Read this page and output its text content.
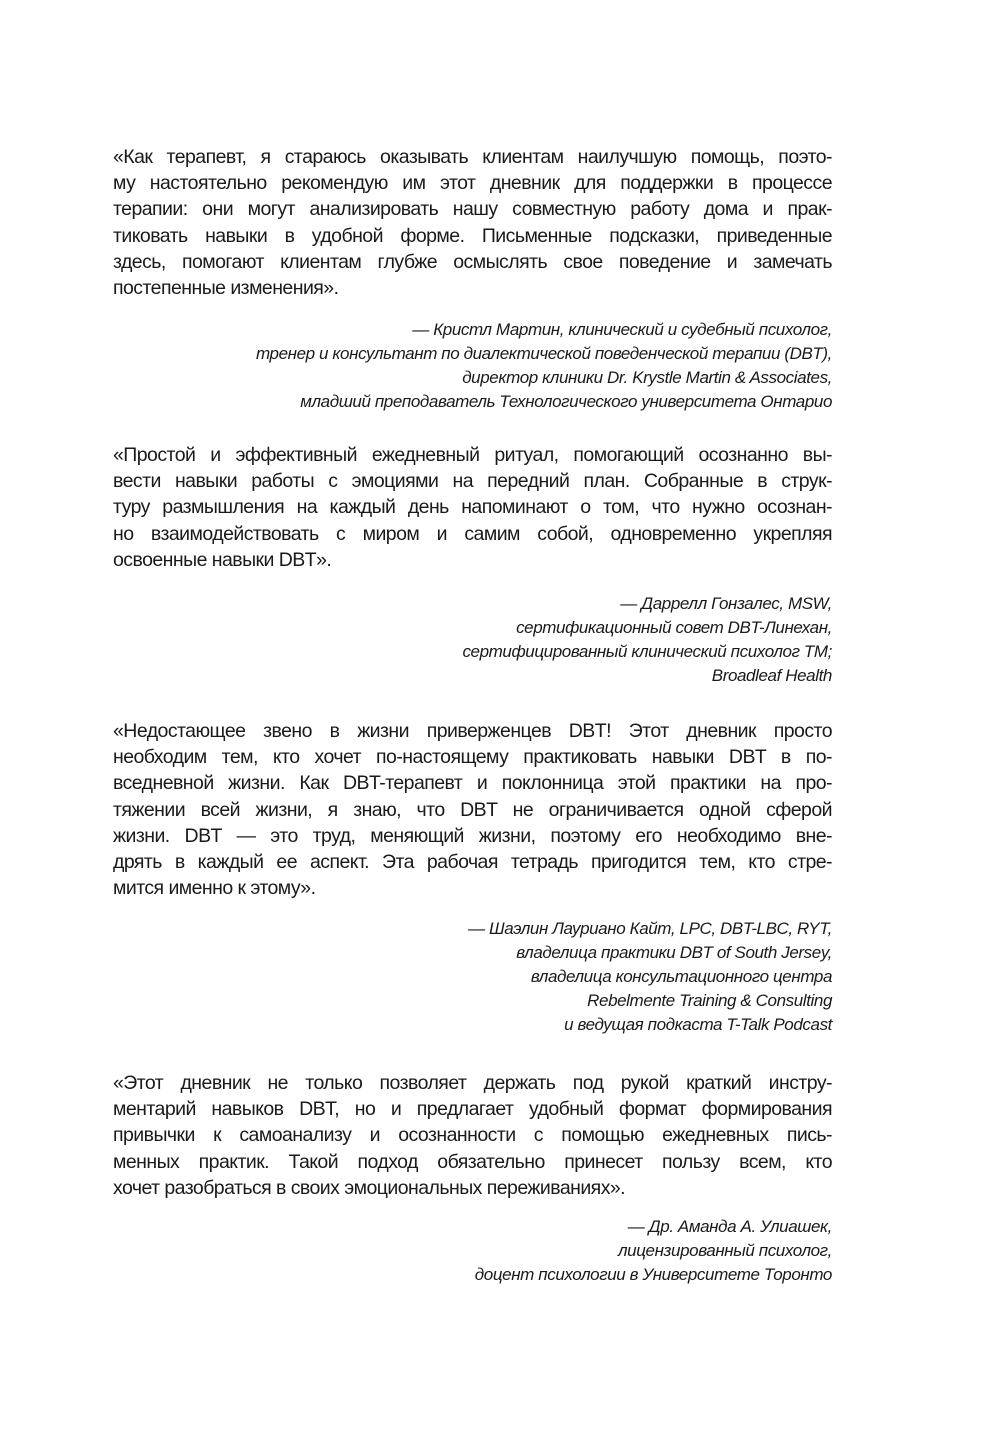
«Как терапевт, я стараюсь оказывать клиентам наилучшую помощь, поэто-
му настоятельно рекомендую им этот дневник для поддержки в процессе
терапии: они могут анализировать нашу совместную работу дома и прак-
тиковать навыки в удобной форме. Письменные подсказки, приведенные
здесь, помогают клиентам глубже осмыслять свое поведение и замечать
постепенные изменения».
— Кристл Мартин, клинический и судебный психолог,
тренер и консультант по диалектической поведенческой терапии (DBT),
директор клиники Dr. Krystle Martin & Associates,
младший преподаватель Технологического университета Онтарио
«Простой и эффективный ежедневный ритуал, помогающий осознанно вы-
вести навыки работы с эмоциями на передний план. Собранные в струк-
туру размышления на каждый день напоминают о том, что нужно осознан-
но взаимодействовать с миром и самим собой, одновременно укрепляя
освоенные навыки DBT».
— Даррелл Гонзалес, MSW,
сертификационный совет DBT-Линехан,
сертифицированный клинический психолог TM;
Broadleaf Health
«Недостающее звено в жизни приверженцев DBT! Этот дневник просто
необходим тем, кто хочет по-настоящему практиковать навыки DBT в по-
вседневной жизни. Как DBT-терапевт и поклонница этой практики на про-
тяжении всей жизни, я знаю, что DBT не ограничивается одной сферой
жизни. DBT — это труд, меняющий жизни, поэтому его необходимо вне-
дрять в каждый ее аспект. Эта рабочая тетрадь пригодится тем, кто стре-
мится именно к этому».
— Шаэлин Лауриано Кайт, LPC, DBT-LBC, RYT,
владелица практики DBT of South Jersey,
владелица консультационного центра
Rebelmente Training & Consulting
и ведущая подкаста T-Talk Podcast
«Этот дневник не только позволяет держать под рукой краткий инстру-
ментарий навыков DBT, но и предлагает удобный формат формирования
привычки к самоанализу и осознанности с помощью ежедневных пись-
менных практик. Такой подход обязательно принесет пользу всем, кто
хочет разобраться в своих эмоциональных переживаниях».
— Др. Аманда А. Улиашек,
лицензированный психолог,
доцент психологии в Университете Торонто
